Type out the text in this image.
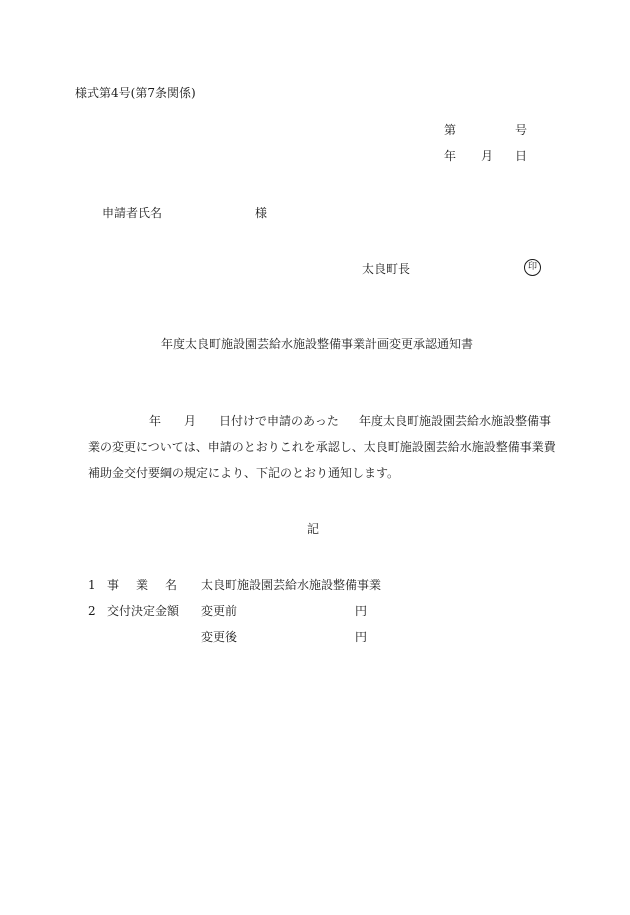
様式第4号(第7条関係)
第	号
年 月 日
申請者氏名	様
太良町長	印
年度太良町施設園芸給水施設整備事業計画変更承認通知書
年 月 日付けで申請のあった 年度太良町施設園芸給水施設整備事
業の変更については、申請のとおりこれを承認し、太良町施設園芸給水施設整備事業費
補助金交付要綱の規定により、下記のとおり通知します。
記
1 事 業 名 太良町施設園芸給水施設整備事業
2 交付決定金額 変更前	円
変更後	円
